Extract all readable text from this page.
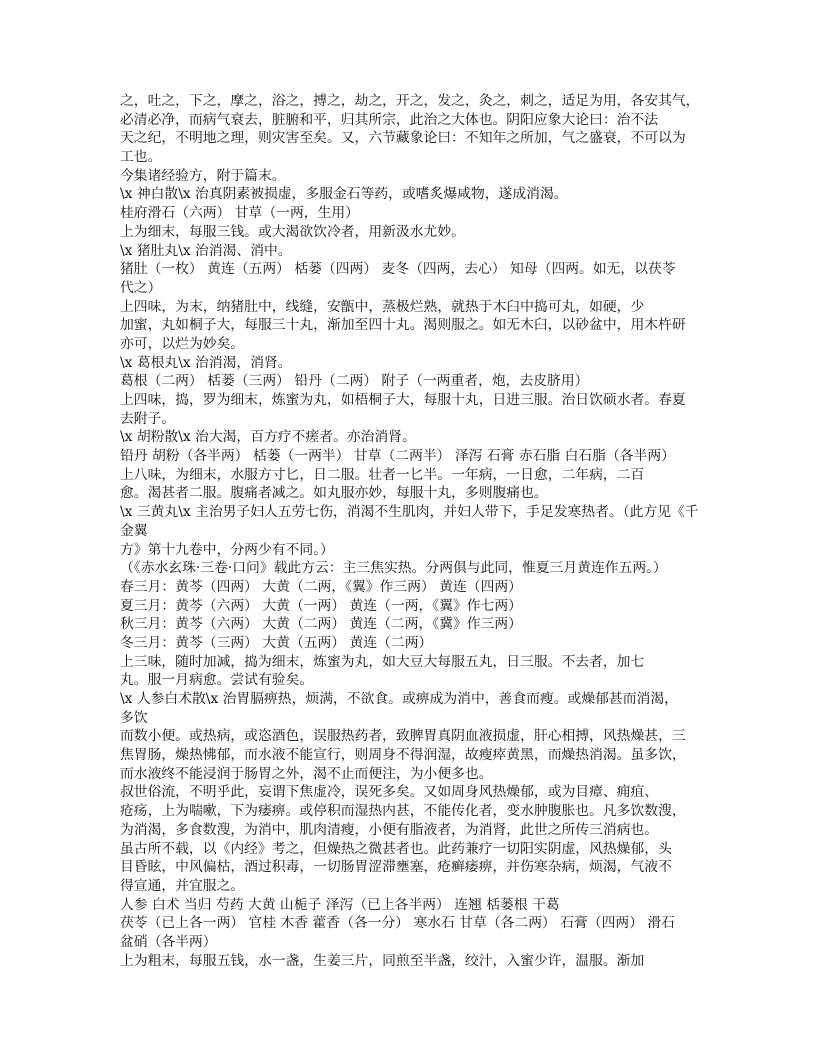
之，吐之，下之，摩之，浴之，搏之，劫之，开之，发之，灸之，刺之，适足为用，各安其气，
必清必净，而病气衰去，脏腑和平，归其所宗，此治之大体也。阴阳应象大论曰：治不法
天之纪，不明地之理，则灾害至矣。又，六节藏象论曰：不知年之所加，气之盛衰，不可以为
工也。
今集诸经验方，附于篇末。
\x 神白散\x 治真阴素被损虚，多服金石等药，或嗜炙爆咸物，遂成消渴。
桂府滑石（六两） 甘草（一两，生用）
上为细末，每服三钱。或大渴欲饮冷者，用新汲水尤妙。
\x 猪肚丸\x 治消渴、消中。
猪肚（一枚） 黄连（五两） 栝蒌（四两） 麦冬（四两，去心） 知母（四两。如无，以茯苓
代之）
上四味，为末，纳猪肚中，线缝，安甑中，蒸极烂熟，就热于木臼中捣可丸，如硬，少
加蜜，丸如桐子大，每服三十丸，渐加至四十丸。渴则服之。如无木臼，以砂盆中，用木杵研
亦可，以烂为妙矣。
\x 葛根丸\x 治消渴，消肾。
葛根（二两） 栝蒌（三两） 铅丹（二两） 附子（一两重者，炮，去皮脐用）
上四味，捣，罗为细末，炼蜜为丸，如梧桐子大，每服十丸，日进三服。治日饮硕水者。春夏
去附子。
\x 胡粉散\x 治大渴，百方疗不瘥者。亦治消肾。
铅丹 胡粉（各半两） 栝蒌（一两半） 甘草（二两半） 泽泻 石膏 赤石脂 白石脂（各半两）
上八味，为细末，水服方寸匕，日二服。壮者一匕半。一年病，一日愈，二年病，二百
愈。渴甚者二服。腹痛者减之。如丸服亦妙，每服十丸，多则腹痛也。
\x 三黄丸\x 主治男子妇人五劳七伤，消渴不生肌肉，并妇人带下，手足发寒热者。（此方见《千
金翼
方》第十九卷中，分两少有不同。）
（《赤水玄珠·三卷·口问》载此方云：主三焦实热。分两俱与此同，惟夏三月黄连作五两。）
春三月：黄芩（四两） 大黄（二两，《翼》作三两） 黄连（四两）
夏三月：黄芩（六两） 大黄（一两） 黄连（一两，《翼》作七两）
秋三月：黄芩（六两） 大黄（二两） 黄连（二两，《冀》作三两）
冬三月：黄芩（三两） 大黄（五两） 黄连（二两）
上三味，随时加减，捣为细末，炼蜜为丸，如大豆大每服五丸，日三服。不去者，加七
丸。服一月病愈。尝试有验矣。
\x 人参白术散\x 治胃膈痹热，烦满，不欲食。或痹成为消中，善食而瘦。或燥郁甚而消渴，
多饮
而数小便。或热病，或恣酒色，误服热药者，致脾胃真阴血液损虚，肝心相搏，风热燥甚，三
焦胃肠，燥热怫郁，而水液不能宣行，则周身不得润湿，故瘦瘁黄黑，而燥热消渴。虽多饮，
而水液终不能浸润于肠胃之外，渴不止而便注，为小便多也。
叔世俗流，不明乎此，妄谓下焦虚冷，误死多矣。又如周身风热燥郁，或为目瘴、痈疽、
疮疡，上为喘嗽，下为痿痹。或停积而湿热内甚，不能传化者，变水肿腹胀也。凡多饮数溲，
为消渴，多食数溲，为消中，肌肉清瘦，小便有脂液者，为消肾，此世之所传三消病也。
虽古所不载，以《内经》考之，但燥热之微甚者也。此药兼疗一切阳实阴虚，风热燥郁，头
目昏眩，中风偏枯，酒过积毒，一切肠胃涩滞壅塞，疮癣痿痹，并伤寒杂病，烦渴，气液不
得宣通，并宜服之。
人参 白术 当归 芍药 大黄 山栀子 泽泻（已上各半两） 连翘 栝蒌根 干葛
茯苓（已上各一两） 官桂 木香 藿香（各一分） 寒水石 甘草（各二两） 石膏（四两） 滑石
盆硝（各半两）
上为粗末，每服五钱，水一盏，生姜三片，同煎至半盏，绞汁，入蜜少许，温服。渐加
